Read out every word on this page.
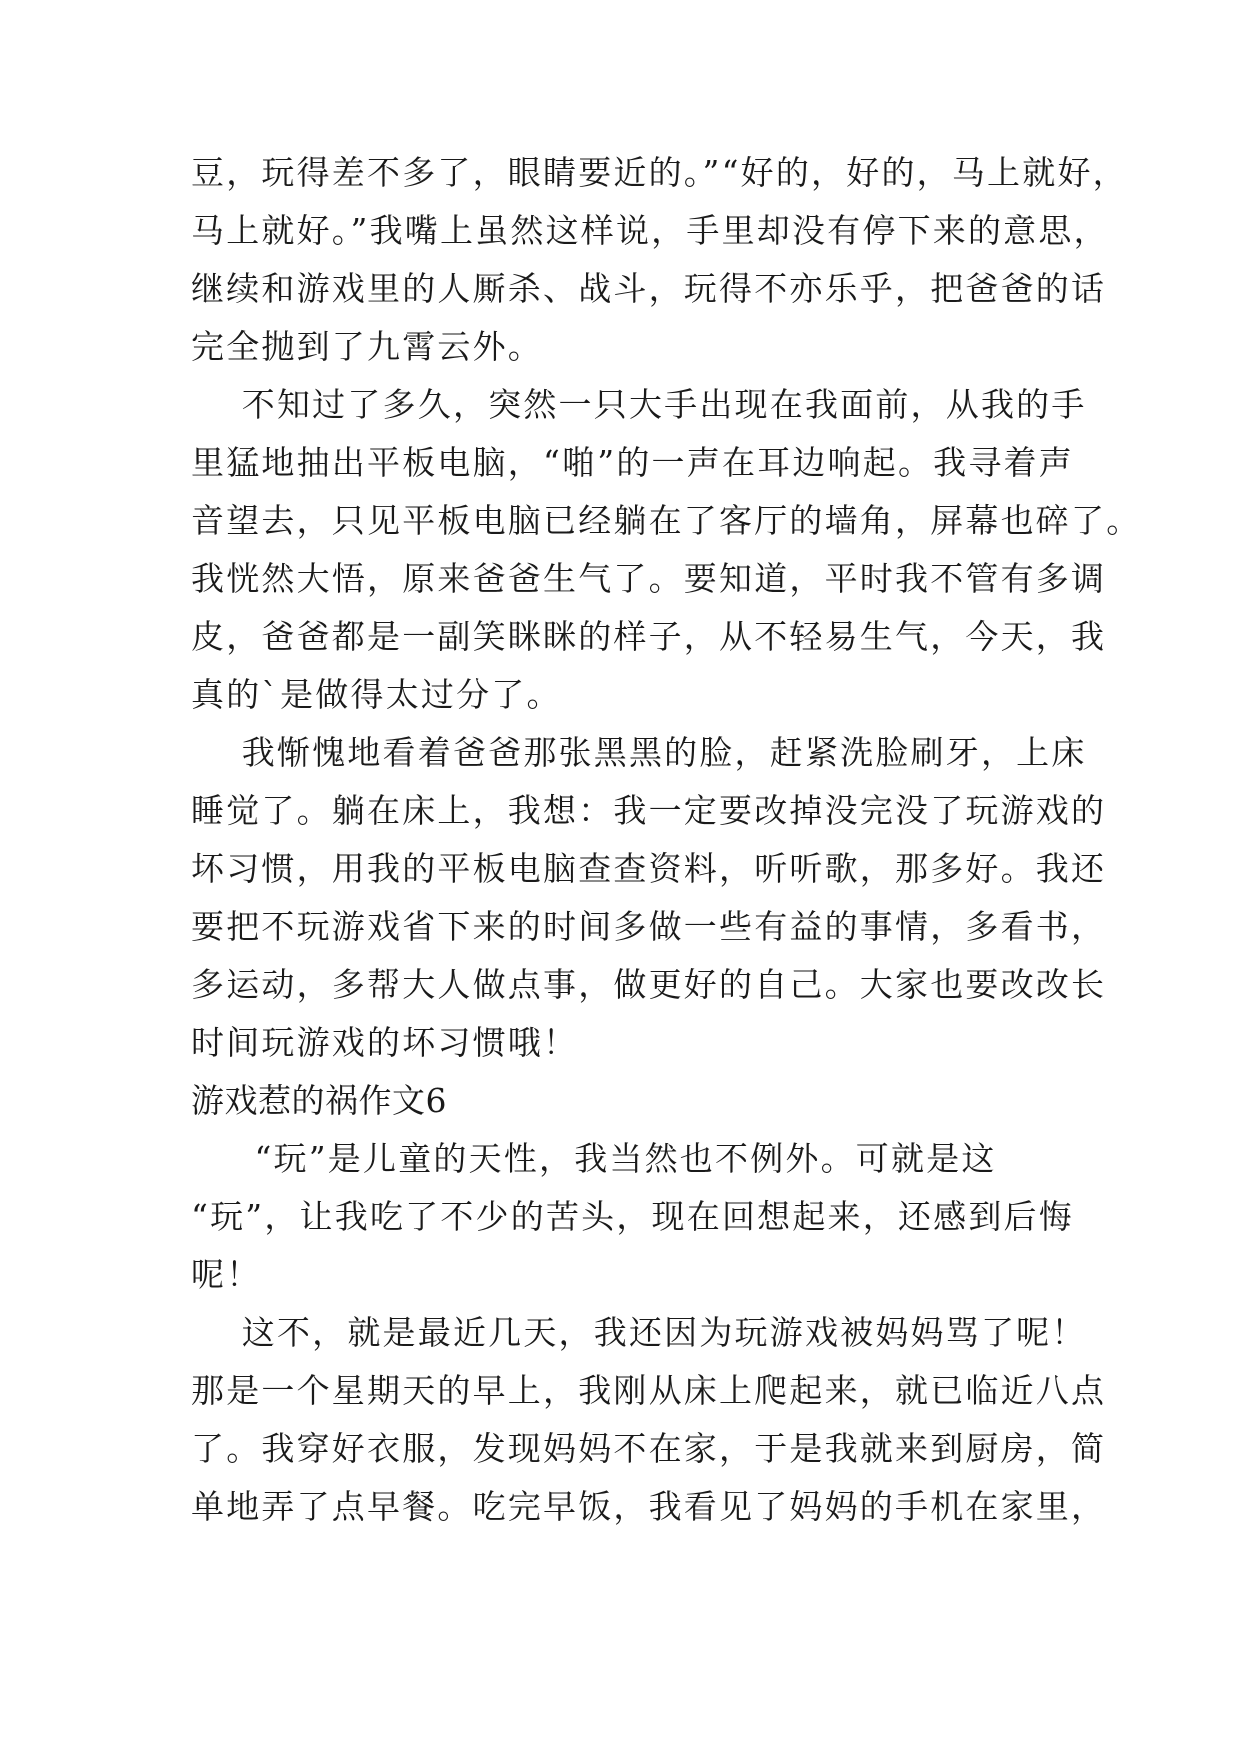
豆，玩得差不多了，眼睛要近的。”“好的，好的，马上就好，
马上就好。”我嘴上虽然这样说，手里却没有停下来的意思，
继续和游戏里的人厮杀、战斗，玩得不亦乐乎，把爸爸的话
完全抛到了九霄云外。
不知过了多久，突然一只大手出现在我面前，从我的手
里猛地抽出平板电脑，“啪”的一声在耳边响起。我寻着声
音望去，只见平板电脑已经躺在了客厅的墙角，屏幕也碎了。
我恍然大悟，原来爸爸生气了。要知道，平时我不管有多调
皮，爸爸都是一副笑眯眯的样子，从不轻易生气，今天，我
真的`是做得太过分了。
我惭愧地看着爸爸那张黑黑的脸，赶紧洗脸刷牙，上床
睡觉了。躺在床上，我想：我一定要改掉没完没了玩游戏的
坏习惯，用我的平板电脑查查资料，听听歌，那多好。我还
要把不玩游戏省下来的时间多做一些有益的事情，多看书，
多运动，多帮大人做点事，做更好的自己。大家也要改改长
时间玩游戏的坏习惯哦！
游戏惹的祸作文6
“玩”是儿童的天性，我当然也不例外。可就是这
“玩”，让我吃了不少的苦头，现在回想起来，还感到后悔
呢！
这不，就是最近几天，我还因为玩游戏被妈妈骂了呢！
那是一个星期天的早上，我刚从床上爬起来，就已临近八点
了。我穿好衣服，发现妈妈不在家，于是我就来到厨房，简
单地弄了点早餐。吃完早饭，我看见了妈妈的手机在家里，
